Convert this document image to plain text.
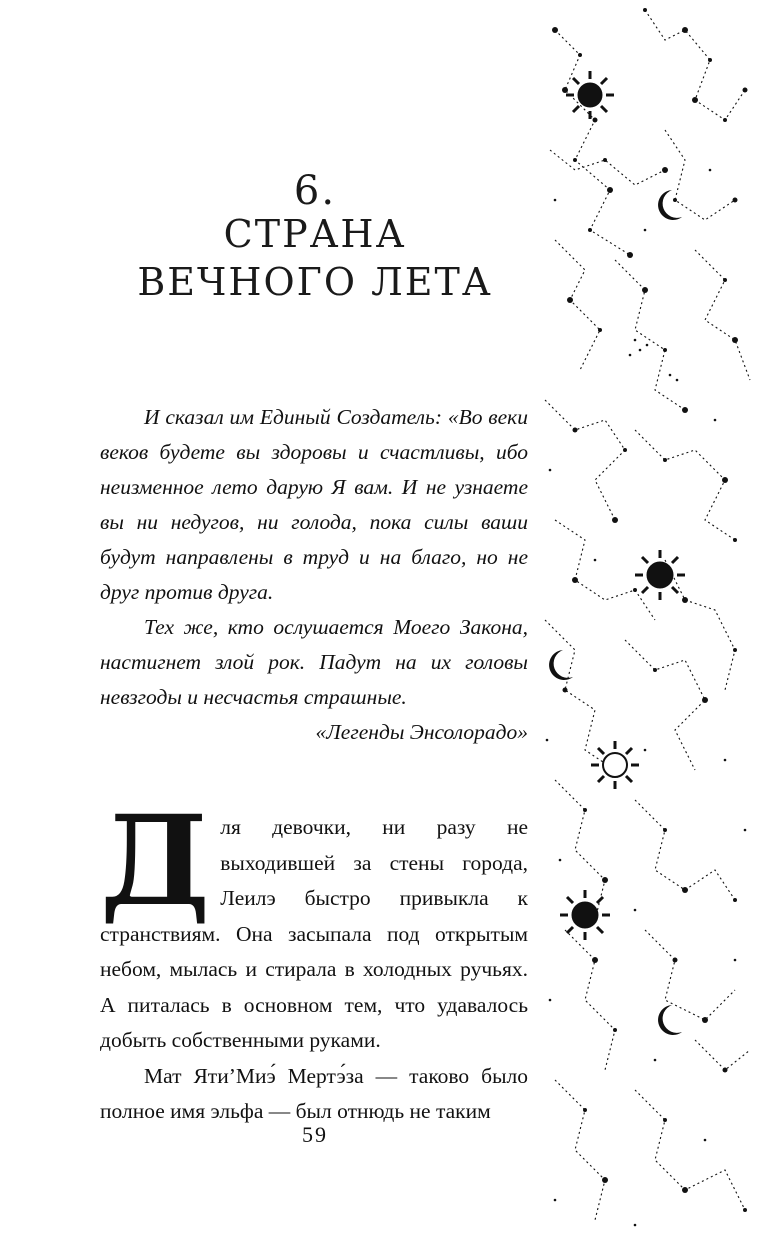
6.
СТРАНА
ВЕЧНОГО ЛЕТА

И сказал им Единый Создатель: «Во веки веков будете вы здоровы и счастливы, ибо неизменное лето дарую Я вам. И не узнаете вы ни недугов, ни голода, пока силы ваши будут направлены в труд и на благо, но не друг против друга.

Тех же, кто ослушается Моего Закона, настигнет злой рок. Падут на их головы невзгоды и несчастья страшные.

«Легенды Энсолорадо»

Для девочки, ни разу не выходившей за стены города, Леилэ быстро привыкла к странствиям. Она засыпала под открытым небом, мылась и стирала в холодных ручьях. А питалась в основном тем, что удавалось добыть собственными руками.

Мат Яти’Миэ́ Мертэ́за — таково было полное имя эльфа — был отнюдь не таким

59
